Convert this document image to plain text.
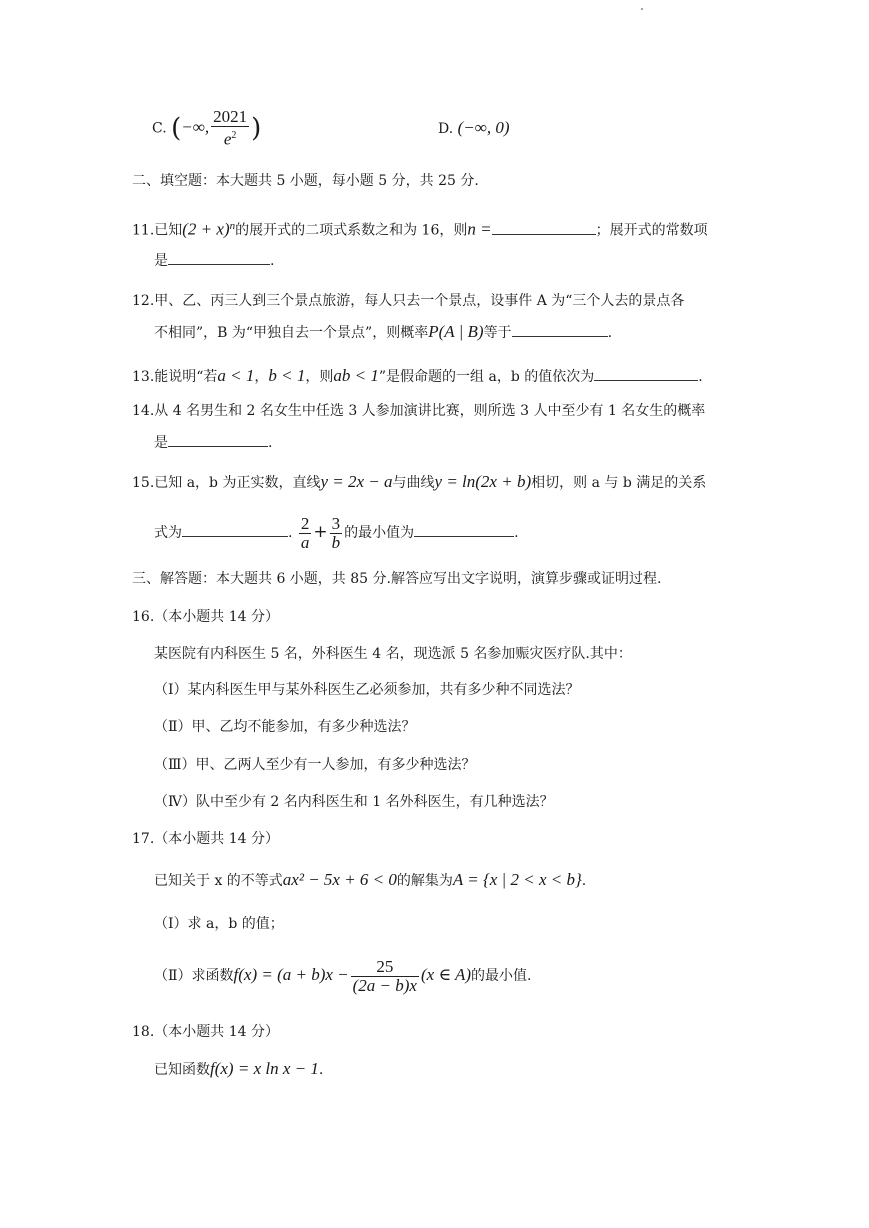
C. (−∞, $\frac{2021}{e^2}$ )	D. (−∞, 0)
二、填空题：本大题共 5 小题，每小题 5 分，共 25 分.
11.已知$(2 + x)^n$的展开式的二项式系数之和为 16，则n =	；展开式的常数项
是	.
12.甲、乙、丙三人到三个景点旅游，每人只去一个景点，设事件 A 为“三个人去的景点各
不相同”，B 为“甲独自去一个景点”，则概率P(A | B)等于	.
13.能说明“若a < 1，b < 1，则ab < 1”是假命题的一组 a，b 的值依次为	.
14.从 4 名男生和 2 名女生中任选 3 人参加演讲比赛，则所选 3 人中至少有 1 名女生的概率
是	.
15.已知 a，b 为正实数，直线y = 2x − a与曲线y = ln(2x + b)相切，则 a 与 b 满足的关系
式为	. $\frac{2}{a} + \frac{3}{b}$ 的最小值为	.
三、解答题：本大题共 6 小题，共 85 分.解答应写出文字说明，演算步骤或证明过程.
16.（本小题共 14 分）
某医院有内科医生 5 名，外科医生 4 名，现选派 5 名参加赈灾医疗队.其中：
（Ⅰ）某内科医生甲与某外科医生乙必须参加，共有多少种不同选法？
（Ⅱ）甲、乙均不能参加，有多少种选法？
（Ⅲ）甲、乙两人至少有一人参加，有多少种选法？
（Ⅳ）队中至少有 2 名内科医生和 1 名外科医生，有几种选法？
17.（本小题共 14 分）
已知关于 x 的不等式ax² − 5x + 6 < 0的解集为A = {x | 2 < x < b}.
（Ⅰ）求 a，b 的值；
（Ⅱ）求函数$f(x) = (a + b)x - \frac{25}{(2a - b)x} (x$ ∈ A)的最小值.
18.（本小题共 14 分）
已知函数f(x) = x ln x − 1.
